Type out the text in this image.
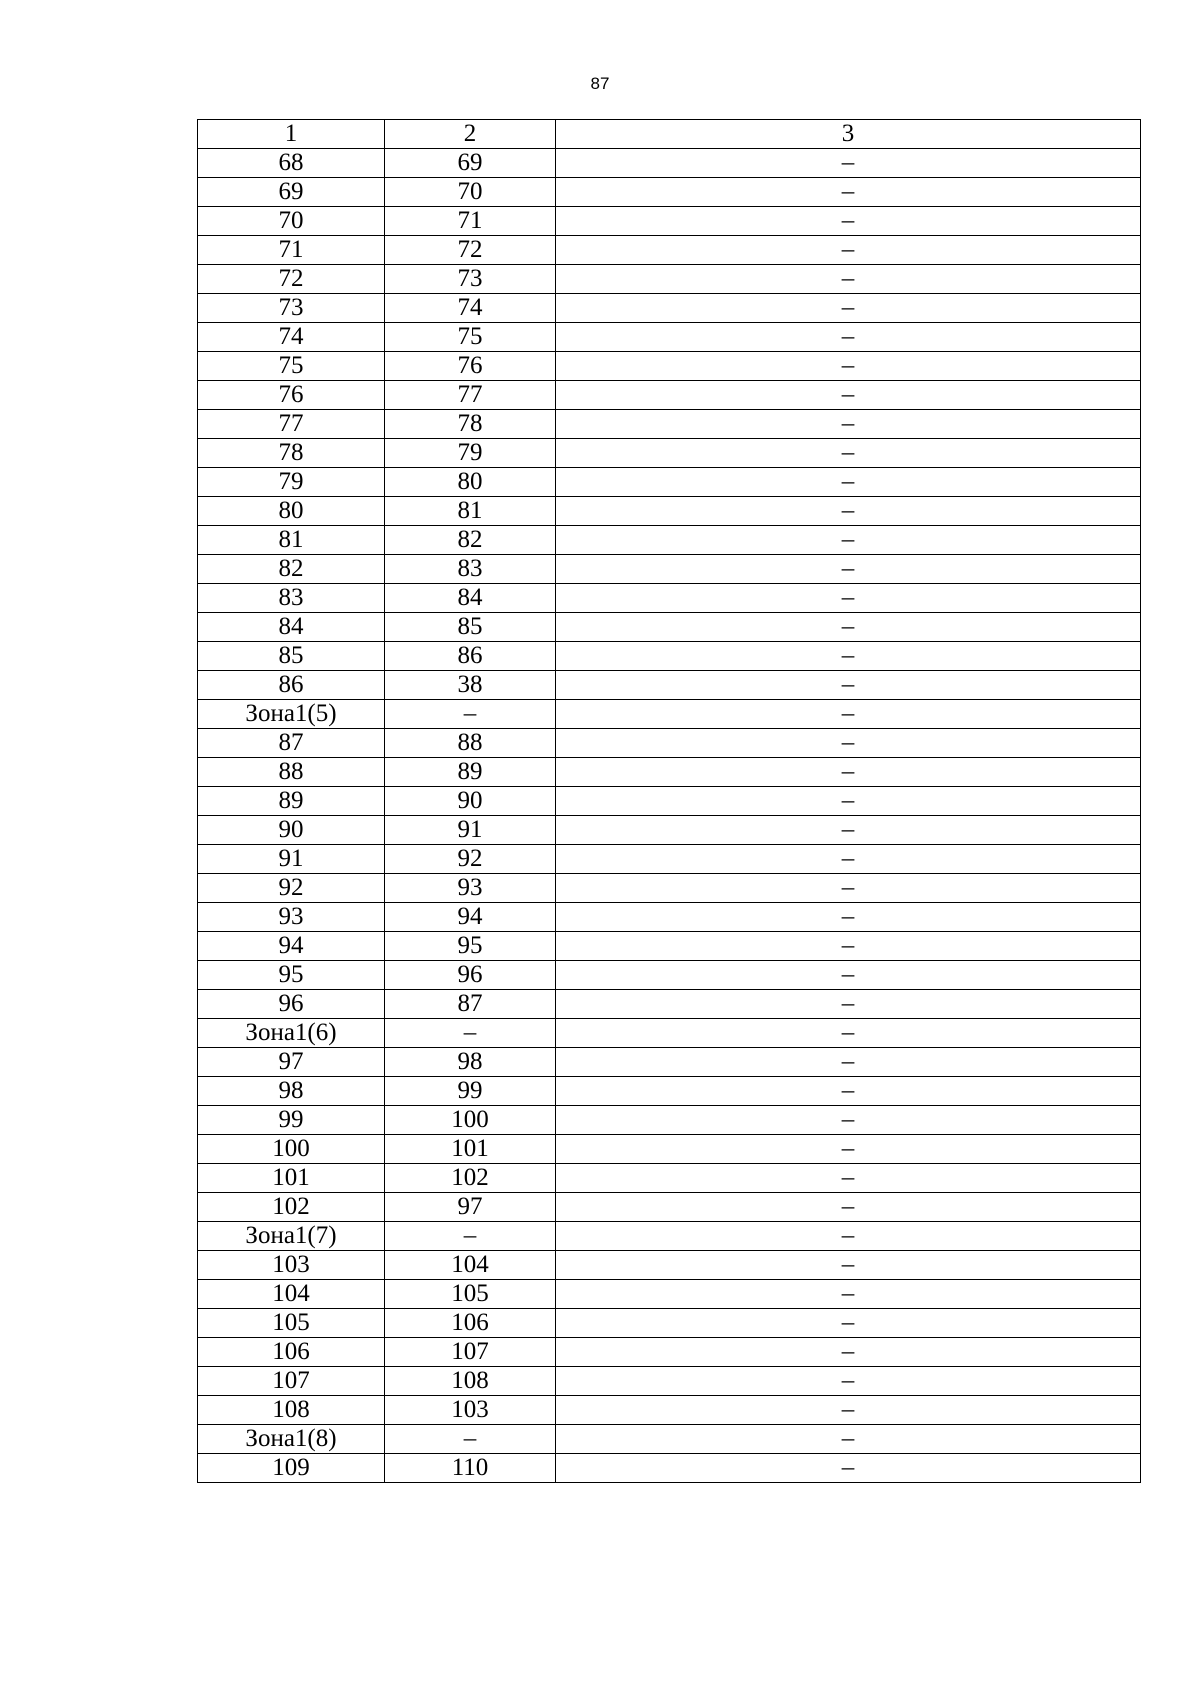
87
1	2	3
68	69	–
69	70	–
70	71	–
71	72	–
72	73	–
73	74	–
74	75	–
75	76	–
76	77	–
77	78	–
78	79	–
79	80	–
80	81	–
81	82	–
82	83	–
83	84	–
84	85	–
85	86	–
86	38	–
Зона1(5)	–	–
87	88	–
88	89	–
89	90	–
90	91	–
91	92	–
92	93	–
93	94	–
94	95	–
95	96	–
96	87	–
Зона1(6)	–	–
97	98	–
98	99	–
99	100	–
100	101	–
101	102	–
102	97	–
Зона1(7)	–	–
103	104	–
104	105	–
105	106	–
106	107	–
107	108	–
108	103	–
Зона1(8)	–	–
109	110	–
